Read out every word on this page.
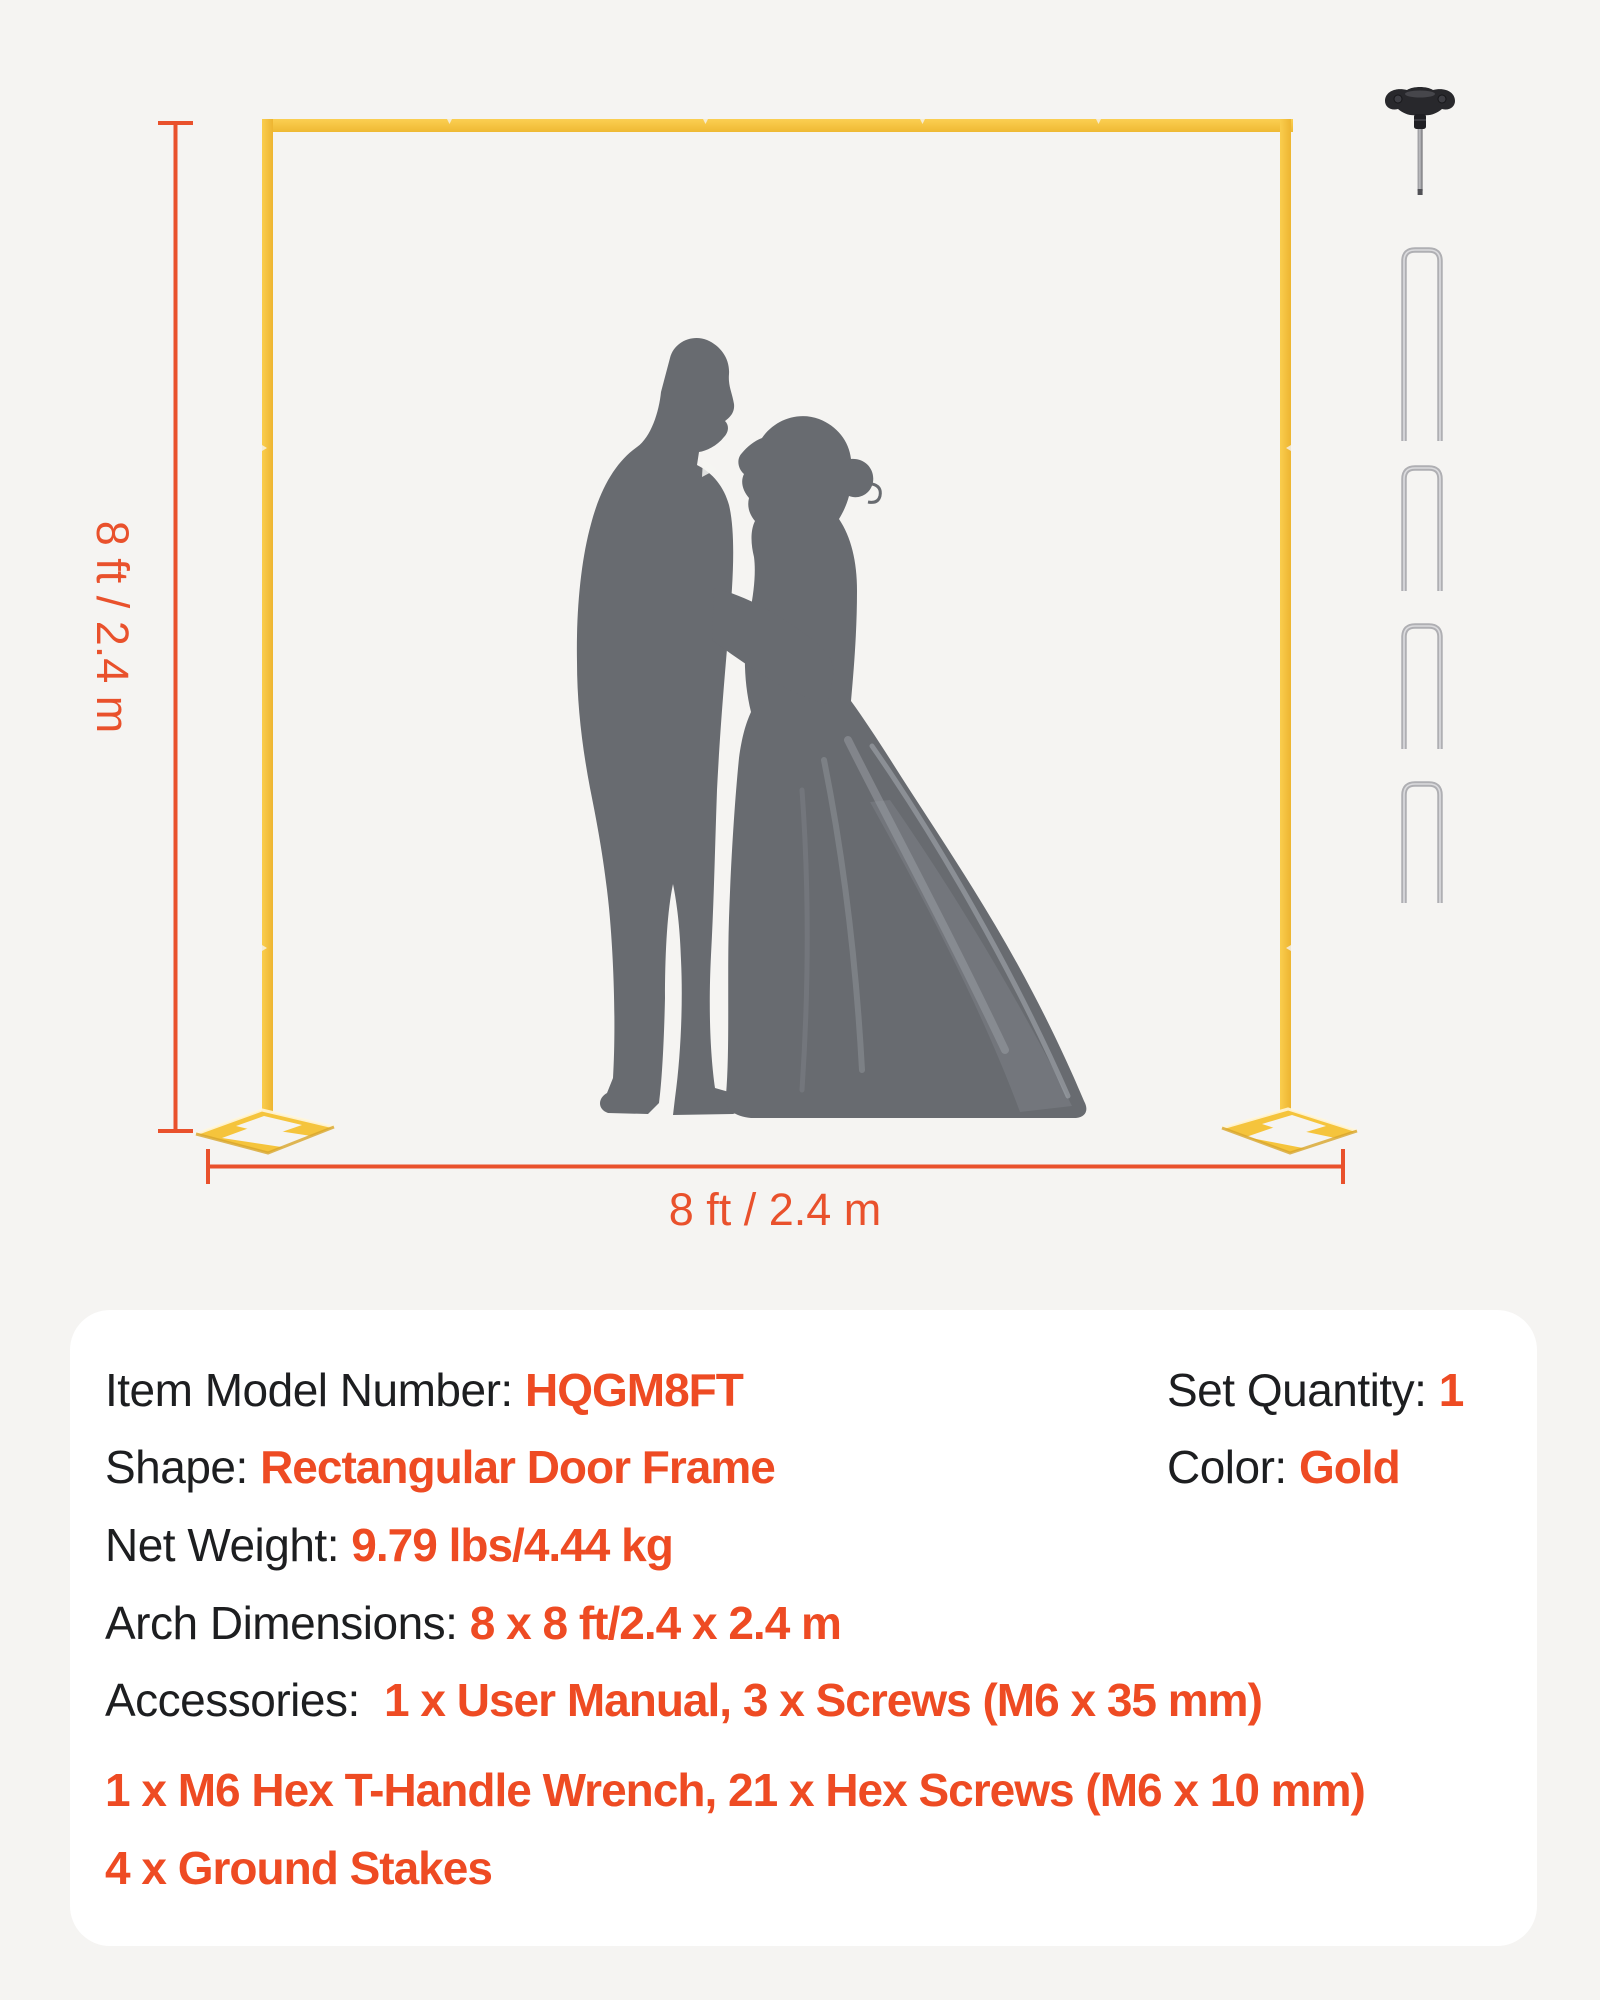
8 ft / 2.4 m
8 ft / 2.4 m
Item Model Number: HQGM8FT
Shape: Rectangular Door Frame
Net Weight: 9.79 lbs/4.44 kg
Arch Dimensions: 8 x 8 ft/2.4 x 2.4 m
Accessories: 1 x User Manual, 3 x Screws (M6 x 35 mm)
1 x M6 Hex T-Handle Wrench, 21 x Hex Screws (M6 x 10 mm)
4 x Ground Stakes
Set Quantity: 1
Color: Gold
